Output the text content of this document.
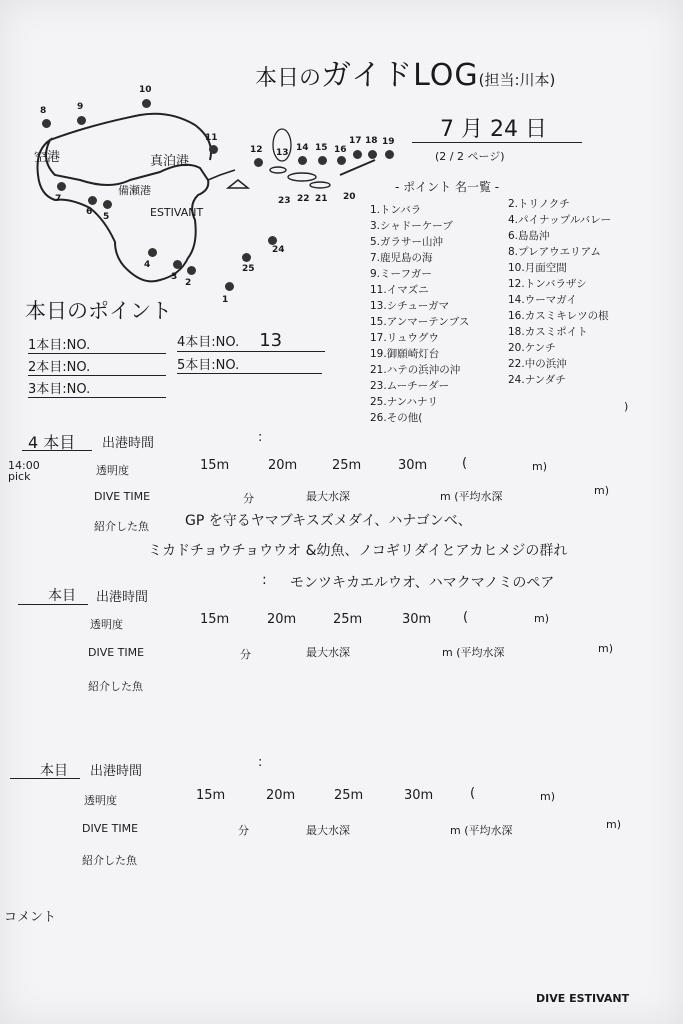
本日のガイドLOG(担当:川本)
7 月 24 日
(2 / 2 ページ)
空港	真泊港
備瀬港
ESTIVANT
1
2
3
4
5
6
7
8	9
10
11
12 13 14 15 16
17 18 19
20
21
22
23
24
25
- ポイント 名一覧 -
1.トンバラ
3.シャドーケーブ
5.ガラサー山沖
7.鹿児島の海
9.ミーフガー
11.イマズニ
13.シチューガマ
15.アンマーテンブス
17.リュウグウ
19.御願崎灯台
21.ハテの浜沖の沖
23.ムーチーダー
25.ナンハナリ
26.その他(
2.トリノクチ
4.パイナップルバレー
6.島島沖
8.プレアウエリアム
10.月面空間
12.トンバラザシ
14.ウーマガイ
16.カスミキレツの根
18.カスミポイト
20.ケンチ
22.中の浜沖
24.ナンダチ
)
本日のポイント
1本目:NO.
2本目:NO.
3本目:NO.
4本目:NO. 13
5本目:NO.
4 本目 出港時間	:
14:00 pick	透明度	15m	20m	25m	30m	(	m)
DIVE TIME	分	最大水深	m (平均水深	m)
紹介した魚	GP を守るヤマブキスズメダイ、ハナゴンベ、
ミカドチョウチョウウオ &幼魚、ノコギリダイとアカヒメジの群れ
: モンツキカエルウオ、ハマクマノミのペア
本目 出港時間
透明度	15m	20m	25m	30m (	m)
DIVE TIME	分	最大水深	m (平均水深	m)
紹介した魚
本目 出港時間
:
透明度	15m	20m	25m	30m	(	m)
DIVE TIME	分	最大水深	m (平均水深	m)
紹介した魚
コメント
DIVE ESTIVANT
